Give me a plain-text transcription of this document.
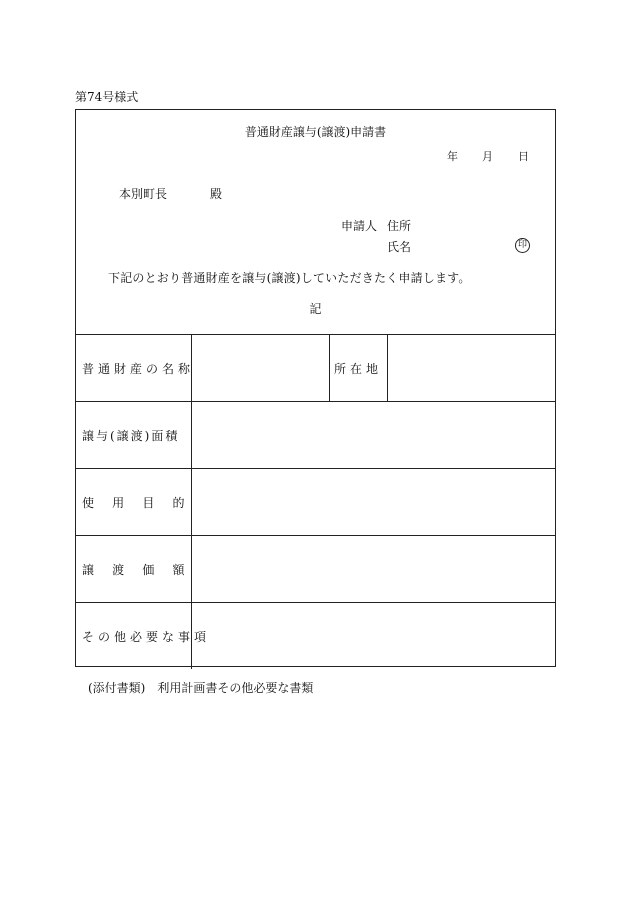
第74号様式
普通財産譲与(譲渡)申請書
年 月 日
本別町長	殿
申請人 住所
氏名	印
下記のとおり普通財産を譲与(譲渡)していただきたく申請します。
記
普通財産の名称		所在地	
譲与(譲渡)面積			

使 用 目 的			

譲 渡 価 額			

その他必要な事項			
(添付書類)　利用計画書その他必要な書類
